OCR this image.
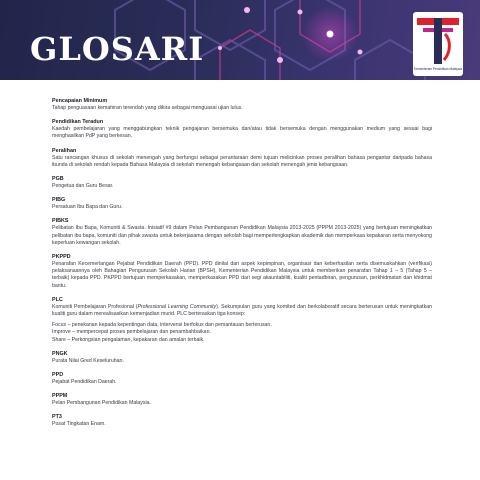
GLOSARI
Kementerian Pendidikan Malaysia
Pencapaian Minimum
Tahap penguasaan kemahiran terendah yang dikira sebagai menguasai ujian lulus.
Pendidikan Teradun
Kaedah pembelajaran yang menggabungkan teknik pengajaran bersemuka dan/atau tidak bersemuka dengan menggunakan medium yang sesuai bagi menghasilkan PdP yang berkesan.
Peralihan
Satu rancangan khusus di sekolah menengah yang berfungsi sebagai perantaraan demi tujuan melicinkan proses peralihan bahasa pengantar daripada bahasa ibunda di sekolah rendah kepada Bahasa Malaysia di sekolah menengah kebangsaan dan sekolah menengah jenis kebangsaan.
PGB
Pengetua dan Guru Besar.
PIBG
Persatuan Ibu Bapa dan Guru.
PIBKS
Pelibatan Ibu Bapa, Komuniti & Swasta. Inisiatif #9 dalam Pelan Pembangunan Pendidikan Malaysia 2013-2025 (PPPM 2013-2025) yang bertujuan meningkatkan pelibatan ibu bapa, komuniti dan pihak swasta untuk bekerjasama dengan sekolah bagi memperlengkapkan akademik dan memperkasa kepakaran serta menyokong keperluan kewangan sekolah.
PKPPD
Penarafan Kecemerlangan Pejabat Pendidikan Daerah (PPD). PPD dinilai dari aspek kepimpinan, organisasi dan keberhasilan serta disemuskahkan (verifikasi) pelaksanaannya oleh Bahagian Pengurusan Sekolah Harian (BPSH), Kementerian Pendidikan Malaysia untuk memberikan penarafan Tahap 1 – 5 (Tahap 5 – terbaik) kepada PPD. PKPPD bertujuan memperkasakan, memperkasakan PPD dari segi akauntabiliti, kualiti pentadbiran, pengurusan, perkhidmatan dan khidmat bantu.
PLC
Komuniti Pembelajaran Profesional (Professional Learning Community). Sekumpulan guru yang komited dan berkolaboratif secara berterusan untuk meningkatkan kualiti guru dalam merealisasikan kemenjadian murid. PLC berteraskan tiga konsep:
Focus – penekanan kepada kepentingan data, intervensi berfokus dan pemantauan berterusan.
Improve – mempercepat proses pembelajaran dan penambahbaikan.
Share – Perkongsian pengalaman, kepakaran dan amalan terbaik.
PNGK
Purata Nilai Gred Keseluruhan.
PPD
Pejabat Pendidikan Daerah.
PPPM
Pelan Pembangunan Pendidikan Malaysia.
PT3
Pusat Tingkatan Enam.
